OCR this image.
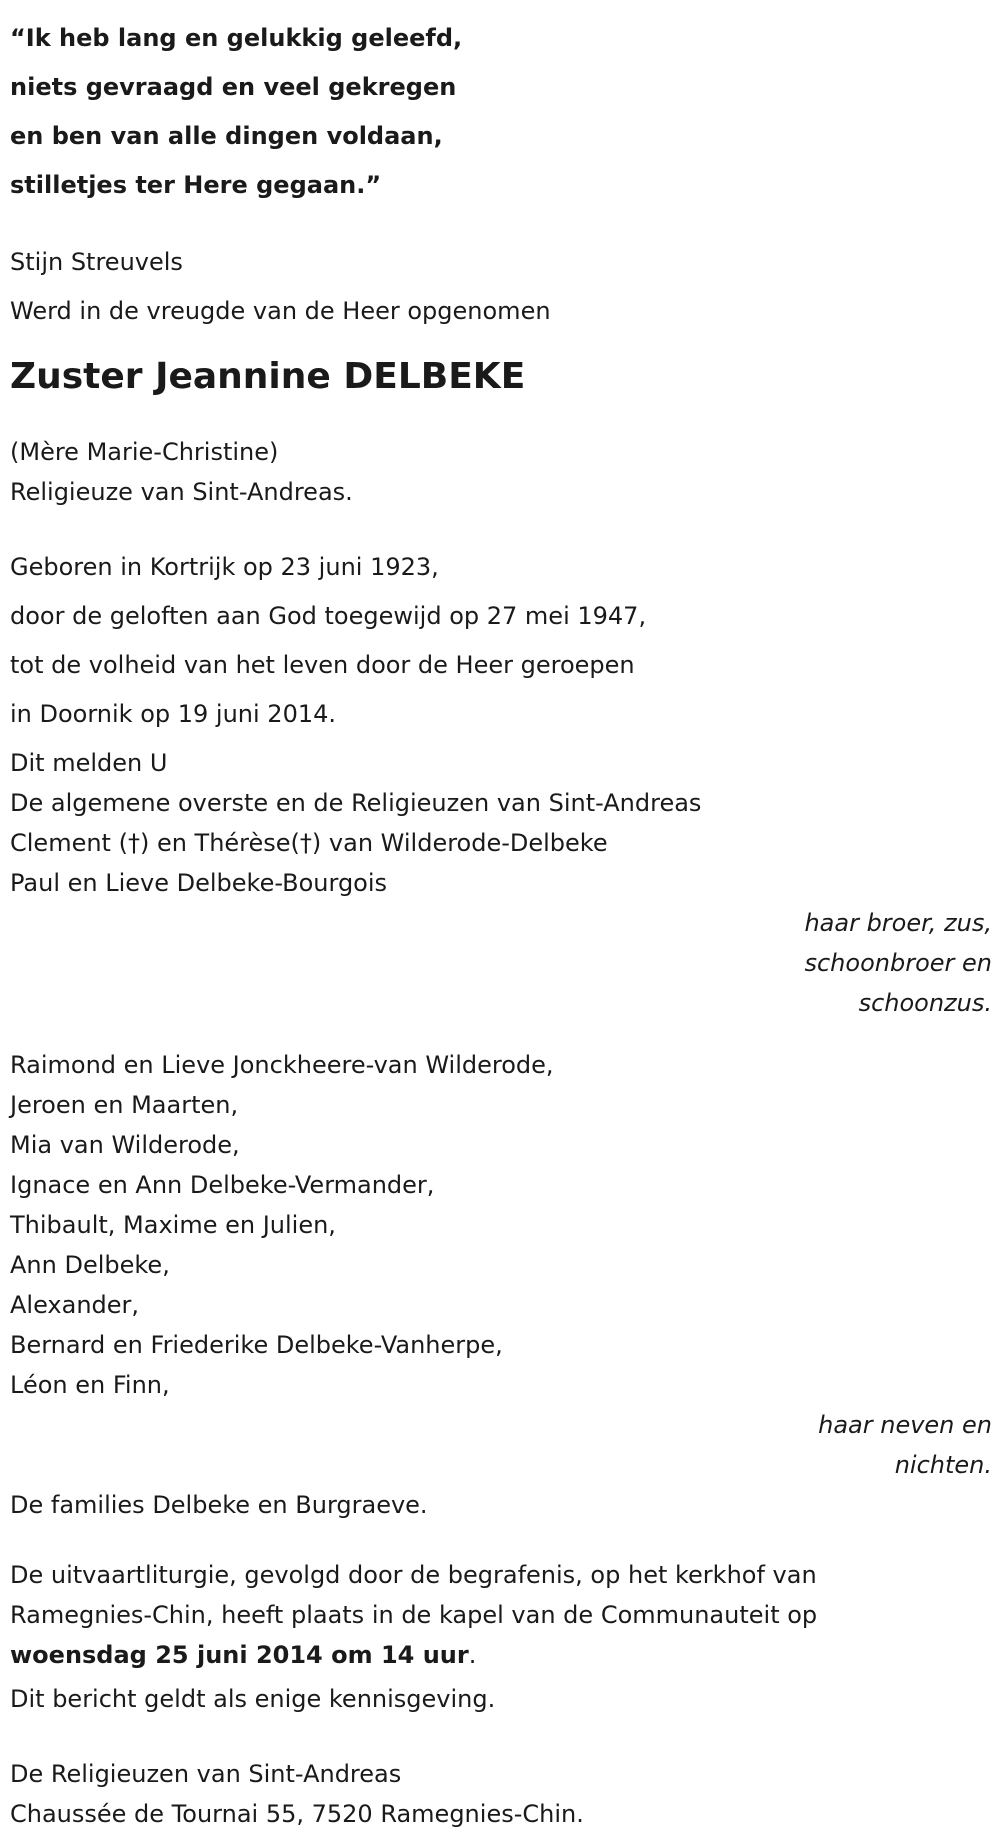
“Ik heb lang en gelukkig geleefd,
niets gevraagd en veel gekregen
en ben van alle dingen voldaan,
stilletjes ter Here gegaan.”
Stijn Streuvels
Werd in de vreugde van de Heer opgenomen
Zuster Jeannine DELBEKE
(Mère Marie-Christine)
Religieuze van Sint-Andreas.
Geboren in Kortrijk op 23 juni 1923,
door de geloften aan God toegewijd op 27 mei 1947,
tot de volheid van het leven door de Heer geroepen
in Doornik op 19 juni 2014.
Dit melden U
De algemene overste en de Religieuzen van Sint-Andreas
Clement (†) en Thérèse(†) van Wilderode-Delbeke
Paul en Lieve Delbeke-Bourgois
haar broer, zus,
schoonbroer en
schoonzus.
Raimond en Lieve Jonckheere-van Wilderode,
Jeroen en Maarten,
Mia van Wilderode,
Ignace en Ann Delbeke-Vermander,
Thibault, Maxime en Julien,
Ann Delbeke,
Alexander,
Bernard en Friederike Delbeke-Vanherpe,
Léon en Finn,
haar neven en
nichten.
De families Delbeke en Burgraeve.
De uitvaartliturgie, gevolgd door de begrafenis, op het kerkhof van
Ramegnies-Chin, heeft plaats in de kapel van de Communauteit op
woensdag 25 juni 2014 om 14 uur.
Dit bericht geldt als enige kennisgeving.
De Religieuzen van Sint-Andreas
Chaussée de Tournai 55, 7520 Ramegnies-Chin.
